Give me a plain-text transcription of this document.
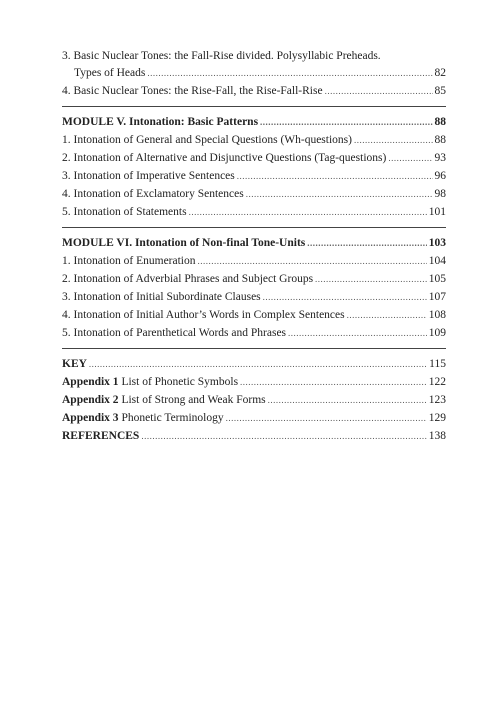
3. Basic Nuclear Tones: the Fall-Rise divided. Polysyllabic Preheads.
Types of Heads .....	82
4. Basic Nuclear Tones: the Rise-Fall, the Rise-Fall-Rise .....	85
MODULE V. Intonation: Basic Patterns .....	88
1. Intonation of General and Special Questions (Wh-questions) .....	88
2. Intonation of Alternative and Disjunctive Questions (Tag-questions) .....	93
3. Intonation of Imperative Sentences .....	96
4. Intonation of Exclamatory Sentences .....	98
5. Intonation of Statements .....	101
MODULE VI. Intonation of Non-final Tone-Units .....	103
1. Intonation of Enumeration .....	104
2. Intonation of Adverbial Phrases and Subject Groups .....	105
3. Intonation of Initial Subordinate Clauses .....	107
4. Intonation of Initial Author’s Words in Complex Sentences .....	108
5. Intonation of Parenthetical Words and Phrases .....	109
KEY .....	115
Appendix 1 List of Phonetic Symbols .....	122
Appendix 2 List of Strong and Weak Forms .....	123
Appendix 3 Phonetic Terminology .....	129
REFERENCES .....	138
